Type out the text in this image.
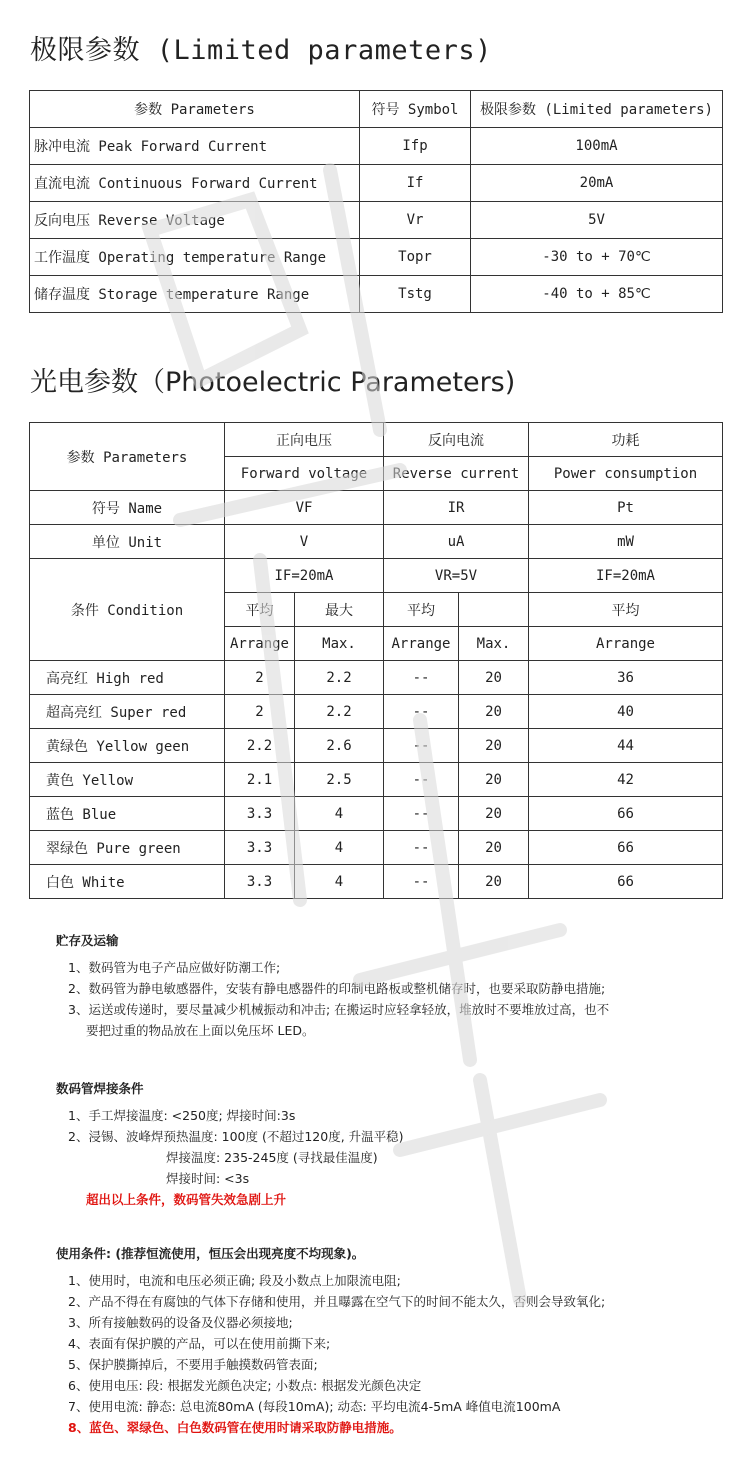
极限参数 (Limited parameters)
参数 Parameters	符号 Symbol	极限参数 (Limited parameters)
脉冲电流 Peak Forward Current	Ifp	100mA
直流电流 Continuous Forward Current	If	20mA
反向电压 Reverse Voltage	Vr	5V
工作温度 Operating temperature Range	Topr	-30 to + 70℃
储存温度 Storage temperature Range	Tstg	-40 to + 85℃
光电参数（Photoelectric Parameters)
参数 Parameters	正向电压		反向电流		功耗
	Forward voltage		Reverse current		Power consumption
符号 Name	VF		IR		Pt
单位 Unit	V		uA		mW
条件 Condition	IF=20mA		VR=5V		IF=20mA
	平均	最大	平均		平均
	Arrange	Max.	Arrange	Max.	Arrange
高亮红 High red	2	2.2	--	20	36
超高亮红 Super red	2	2.2	--	20	40
黄绿色 Yellow geen	2.2	2.6	--	20	44
黄色 Yellow	2.1	2.5	--	20	42
蓝色 Blue	3.3	4	--	20	66
翠绿色 Pure green	3.3	4	--	20	66
白色 White	3.3	4	--	20	66
贮存及运输
1、数码管为电子产品应做好防潮工作;
2、数码管为静电敏感器件，安装有静电感器件的印制电路板或整机储存时，也要采取防静电措施;
3、运送或传递时，要尽量减少机械振动和冲击; 在搬运时应轻拿轻放，堆放时不要堆放过高，也不
要把过重的物品放在上面以免压坏 LED。
数码管焊接条件
1、手工焊接温度: <250度; 焊接时间:3s
2、浸锡、波峰焊预热温度: 100度 (不超过120度, 升温平稳)
焊接温度: 235-245度 (寻找最佳温度)
焊接时间: <3s
超出以上条件，数码管失效急剧上升
使用条件: (推荐恒流使用，恒压会出现亮度不均现象)。
1、使用时，电流和电压必须正确; 段及小数点上加限流电阻;
2、产品不得在有腐蚀的气体下存储和使用，并且曝露在空气下的时间不能太久，否则会导致氧化;
3、所有接触数码的设备及仪器必须接地;
4、表面有保护膜的产品，可以在使用前撕下来;
5、保护膜撕掉后，不要用手触摸数码管表面;
6、使用电压: 段: 根据发光颜色决定; 小数点: 根据发光颜色决定
7、使用电流: 静态: 总电流80mA (每段10mA); 动态: 平均电流4-5mA 峰值电流100mA
8、蓝色、翠绿色、白色数码管在使用时请采取防静电措施。
